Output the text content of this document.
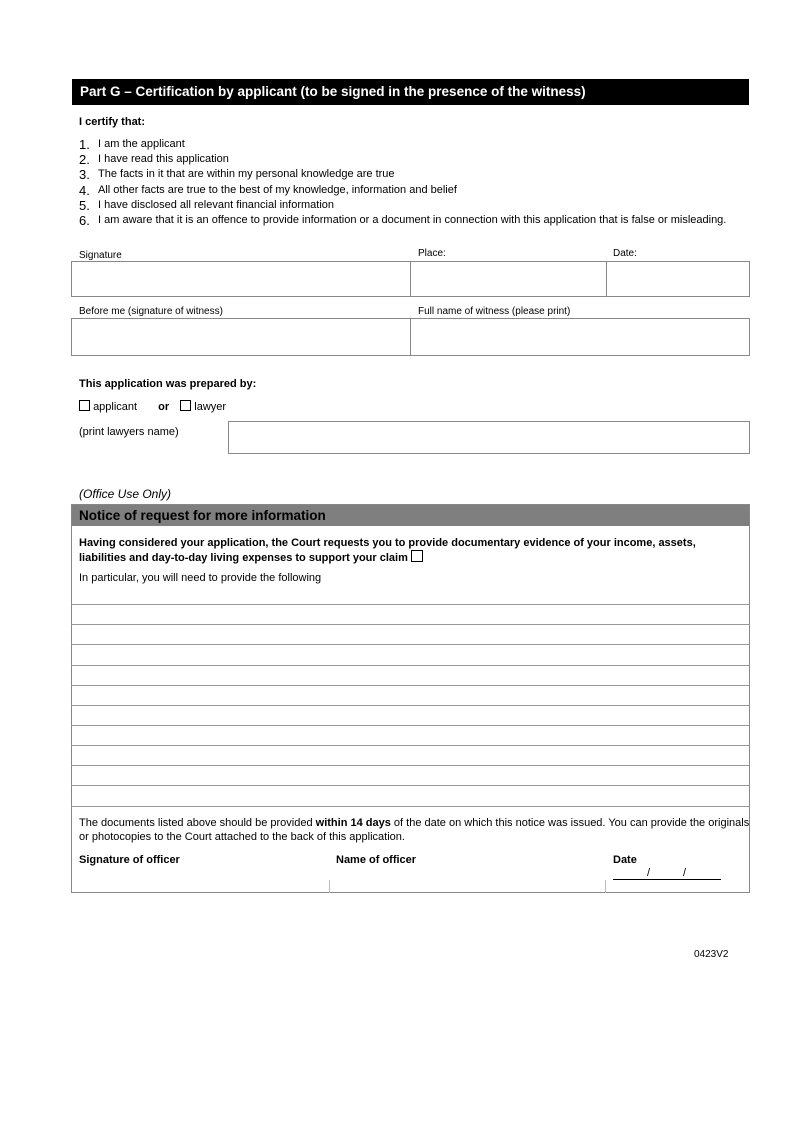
Part G – Certification by applicant (to be signed in the presence of the witness)
I certify that:
1. I am the applicant
2. I have read this application
3. The facts in it that are within my personal knowledge are true
4. All other facts are true to the best of my knowledge, information and belief
5. I have disclosed all relevant financial information
6. I am aware that it is an offence to provide information or a document in connection with this application that is false or misleading.
Signature	Place:	Date:
Before me (signature of witness)	Full name of witness (please print)
This application was prepared by:
applicant or lawyer
(print lawyers name)
(Office Use Only)
Notice of request for more information
Having considered your application, the Court requests you to provide documentary evidence of your income, assets, liabilities and day-to-day living expenses to support your claim
In particular, you will need to provide the following
The documents listed above should be provided within 14 days of the date on which this notice was issued. You can provide the originals or photocopies to the Court attached to the back of this application.
Signature of officer	Name of officer	Date
/	/
0423V2
